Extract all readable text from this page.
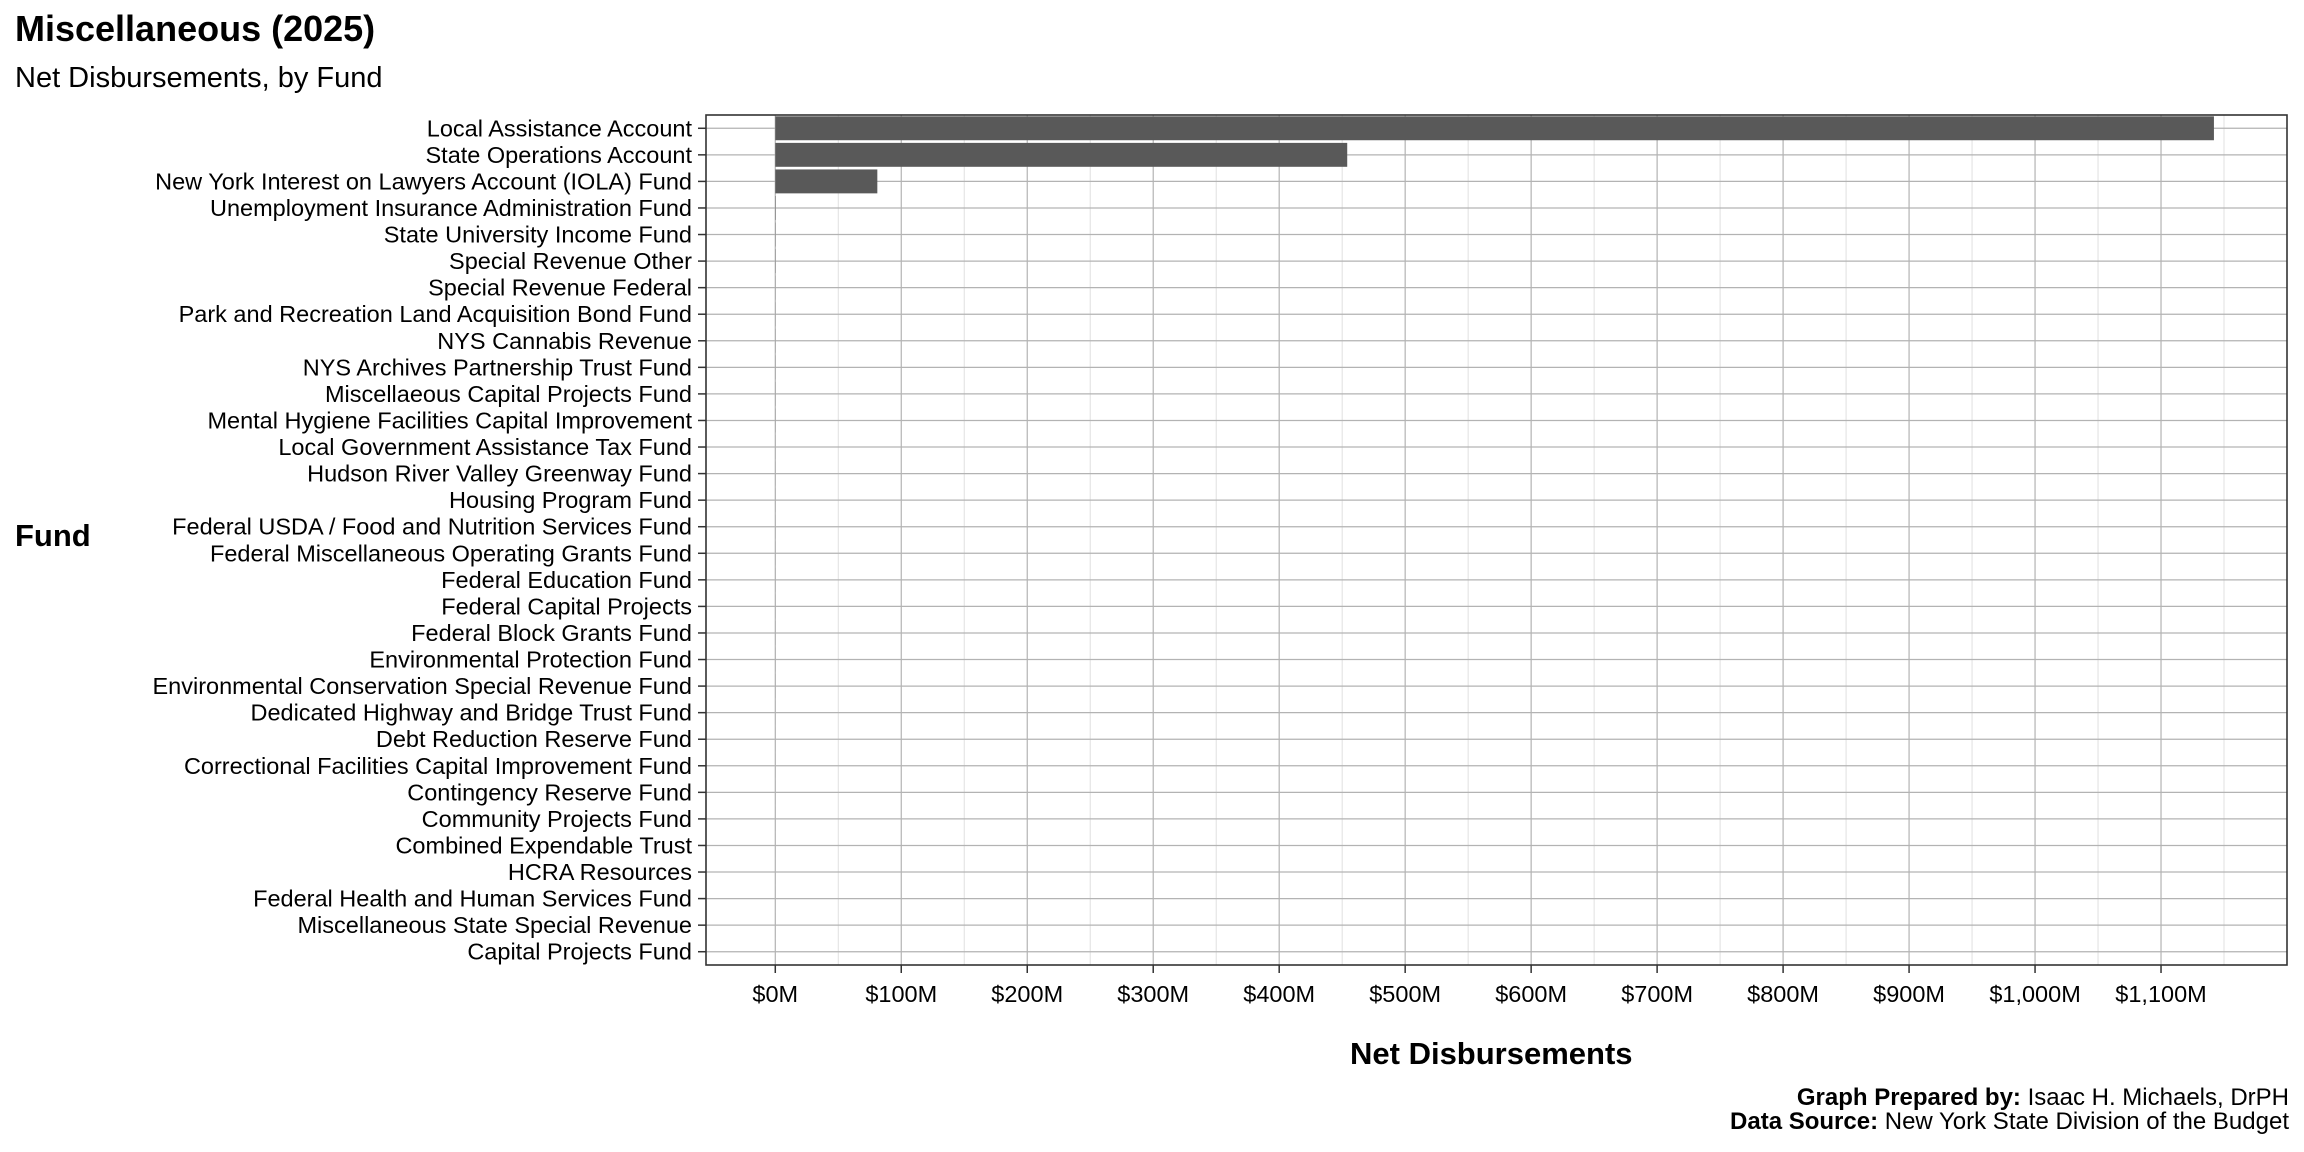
Miscellaneous (2025)
Net Disbursements, by Fund
Fund
Net Disbursements
Local Assistance Account
State Operations Account
New York Interest on Lawyers Account (IOLA) Fund
Unemployment Insurance Administration Fund
State University Income Fund
Special Revenue Other
Special Revenue Federal
Park and Recreation Land Acquisition Bond Fund
NYS Cannabis Revenue
NYS Archives Partnership Trust Fund
Miscellaeous Capital Projects Fund
Mental Hygiene Facilities Capital Improvement
Local Government Assistance Tax Fund
Hudson River Valley Greenway Fund
Housing Program Fund
Federal USDA / Food and Nutrition Services Fund
Federal Miscellaneous Operating Grants Fund
Federal Education Fund
Federal Capital Projects
Federal Block Grants Fund
Environmental Protection Fund
Environmental Conservation Special Revenue Fund
Dedicated Highway and Bridge Trust Fund
Debt Reduction Reserve Fund
Correctional Facilities Capital Improvement Fund
Contingency Reserve Fund
Community Projects Fund
Combined Expendable Trust
HCRA Resources
Federal Health and Human Services Fund
Miscellaneous State Special Revenue
Capital Projects Fund
$0M	$100M $200M $300M $400M $500M $600M $700M $800M $900M $1,000M $1,100M
Graph Prepared by: Isaac H. Michaels, DrPH
Data Source: New York State Division of the Budget
